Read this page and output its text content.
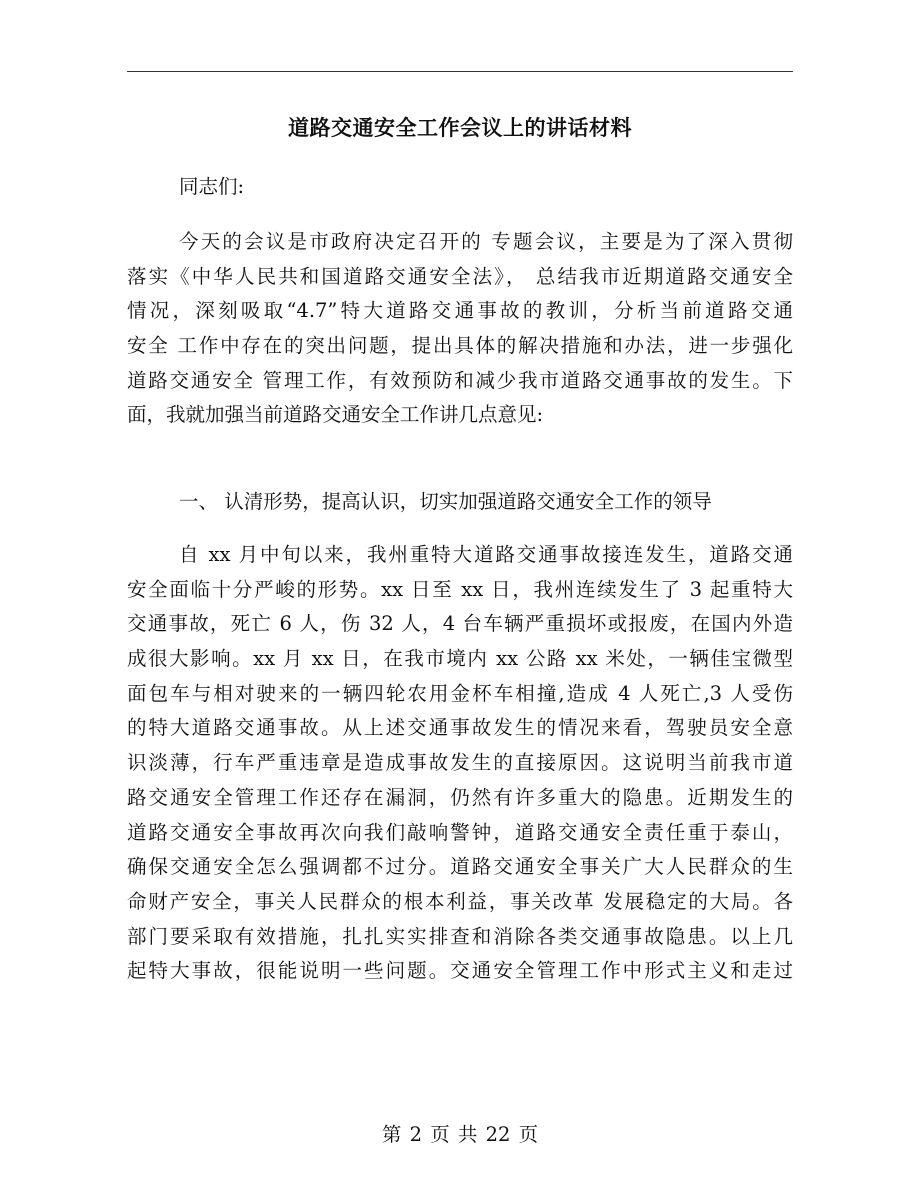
道路交通安全工作会议上的讲话材料
同志们:
今天的会议是市政府决定召开的 专题会议，主要是为了深入贯彻
落实《中华人民共和国道路交通安全法》， 总结我市近期道路交通安全
情况，深刻吸取“4.7”特大道路交通事故的教训，分析当前道路交通
安全 工作中存在的突出问题，提出具体的解决措施和办法，进一步强化
道路交通安全 管理工作，有效预防和减少我市道路交通事故的发生。下
面，我就加强当前道路交通安全工作讲几点意见:
一、 认清形势，提高认识，切实加强道路交通安全工作的领导
自 xx 月中旬以来，我州重特大道路交通事故接连发生，道路交通
安全面临十分严峻的形势。xx 日至 xx 日，我州连续发生了 3 起重特大
交通事故，死亡 6 人，伤 32 人，4 台车辆严重损坏或报废，在国内外造
成很大影响。xx 月 xx 日，在我市境内 xx 公路 xx 米处，一辆佳宝微型
面包车与相对驶来的一辆四轮农用金杯车相撞,造成 4 人死亡,3 人受伤
的特大道路交通事故。从上述交通事故发生的情况来看，驾驶员安全意
识淡薄，行车严重违章是造成事故发生的直接原因。这说明当前我市道
路交通安全管理工作还存在漏洞，仍然有许多重大的隐患。近期发生的
道路交通安全事故再次向我们敲响警钟，道路交通安全责任重于泰山，
确保交通安全怎么强调都不过分。道路交通安全事关广大人民群众的生
命财产安全，事关人民群众的根本利益，事关改革 发展稳定的大局。各
部门要采取有效措施，扎扎实实排查和消除各类交通事故隐患。以上几
起特大事故，很能说明一些问题。交通安全管理工作中形式主义和走过
第 2 页 共 22 页
